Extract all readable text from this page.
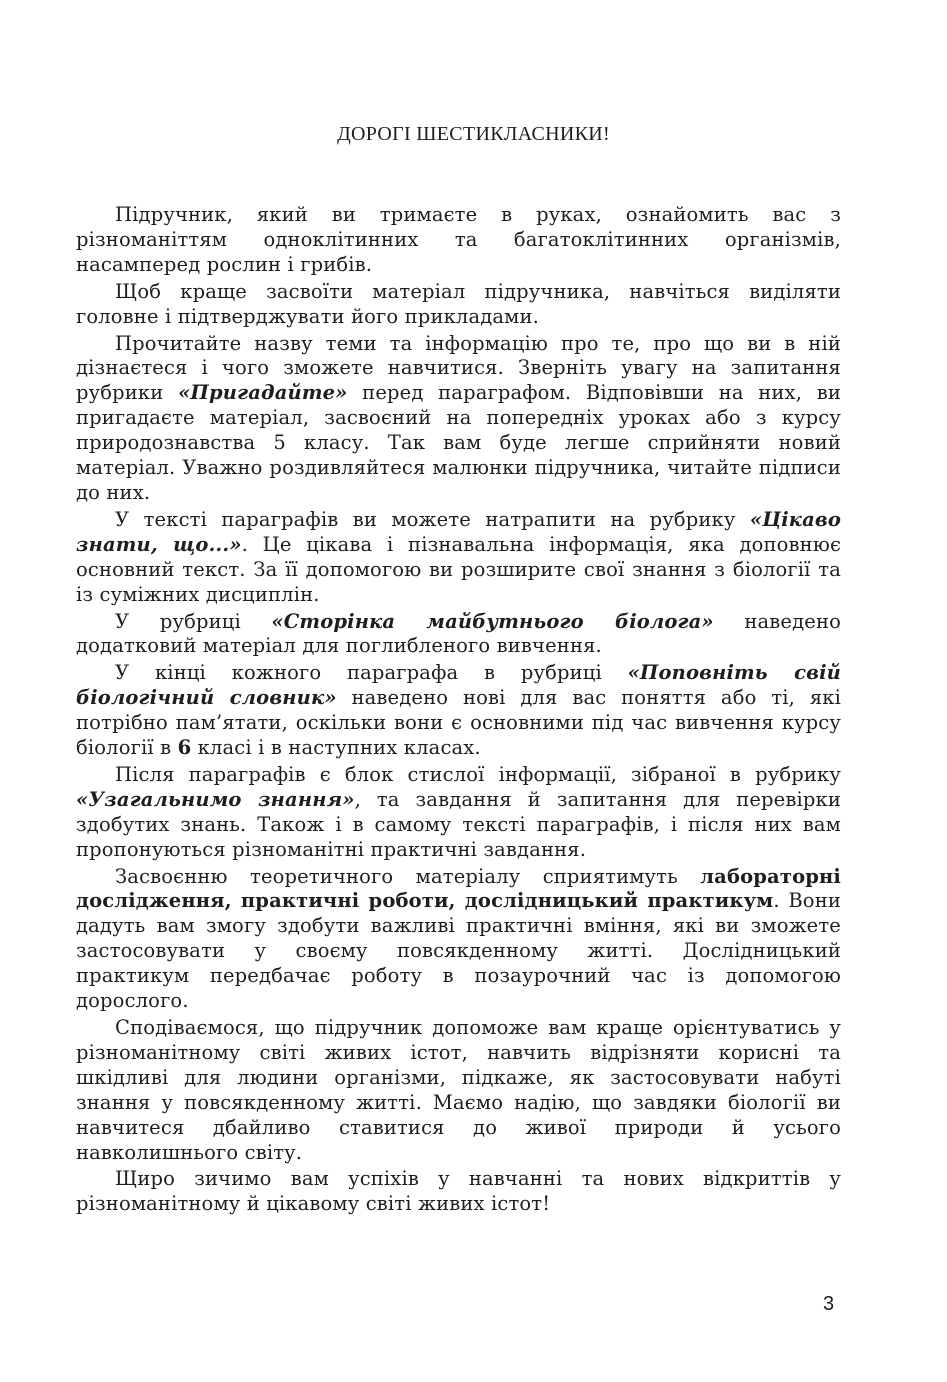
ДОРОГІ ШЕСТИКЛАСНИКИ!

Підручник, який ви тримаєте в руках, ознайомить вас з різноманіттям одноклітинних та багатоклітинних організмів, насамперед рослин і грибів.

Щоб краще засвоїти матеріал підручника, навчіться виділяти головне і підтверджувати його прикладами.

Прочитайте назву теми та інформацію про те, про що ви в ній дізнаєтеся і чого зможете навчитися. Зверніть увагу на запитання рубрики «Пригадайте» перед параграфом. Відповівши на них, ви пригадаєте матеріал, засвоєний на попередніх уроках або з курсу природознавства 5 класу. Так вам буде легше сприйняти новий матеріал. Уважно роздивляйтеся малюнки підручника, читайте підписи до них.

У тексті параграфів ви можете натрапити на рубрику «Цікаво знати, що...». Це цікава і пізнавальна інформація, яка доповнює основний текст. За її допомогою ви розширите свої знання з біології та із суміжних дисциплін.

У рубриці «Сторінка майбутнього біолога» наведено додатковий матеріал для поглибленого вивчення.

У кінці кожного параграфа в рубриці «Поповніть свій біологічний словник» наведено нові для вас поняття або ті, які потрібно пам’ятати, оскільки вони є основними під час вивчення курсу біології в 6 класі і в наступних класах.

Після параграфів є блок стислої інформації, зібраної в рубрику «Узагальнимо знання», та завдання й запитання для перевірки здобутих знань. Також і в самому тексті параграфів, і після них вам пропонуються різноманітні практичні завдання.

Засвоєнню теоретичного матеріалу сприятимуть лабораторні дослідження, практичні роботи, дослідницький практикум. Вони дадуть вам змогу здобути важливі практичні вміння, які ви зможете застосовувати у своєму повсякденному житті. Дослідницький практикум передбачає роботу в позаурочний час із допомогою дорослого.

Сподіваємося, що підручник допоможе вам краще орієнтуватись у різноманітному світі живих істот, навчить відрізняти корисні та шкідливі для людини організми, підкаже, як застосовувати набуті знання у повсякденному житті. Маємо надію, що завдяки біології ви навчитеся дбайливо ставитися до живої природи й усього навколишнього світу.

Щиро зичимо вам успіхів у навчанні та нових відкриттів у різноманітному й цікавому світі живих істот!

3
